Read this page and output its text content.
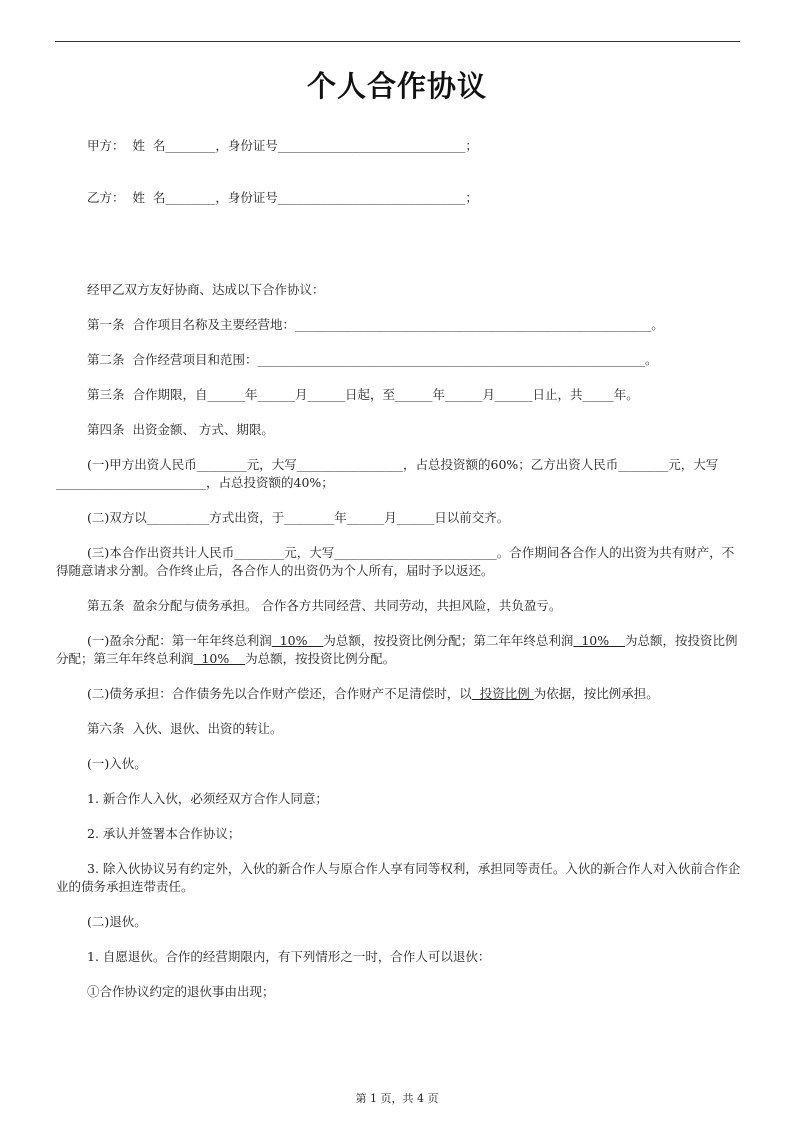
个人合作协议

甲方：  姓  名________，身份证号______________________________；

乙方：  姓  名________，身份证号______________________________；

经甲乙双方友好协商、达成以下合作协议：

第一条  合作项目名称及主要经营地：_________________________________________________________。

第二条  合作经营项目和范围：______________________________________________________________。

第三条  合作期限，自______年______月______日起，至______年______月______日止，共_____年。

第四条  出资金额、 方式、期限。

(一)甲方出资人民币________元，大写_________________，占总投资额的60%；乙方出资人民币________元，大写________________________，占总投资额的40%；

(二)双方以__________方式出资，于________年______月______日以前交齐。

(三)本合作出资共计人民币________元，大写__________________________。合作期间各合作人的出资为共有财产，不得随意请求分割。合作终止后，各合作人的出资仍为个人所有，届时予以返还。

第五条  盈余分配与债务承担。 合作各方共同经营、共同劳动，共担风险，共负盈亏。

(一)盈余分配：第一年年终总利润  10%    为总额，按投资比例分配；第二年年终总利润  10%    为总额，按投资比例分配；第三年年终总利润  10%    为总额，按投资比例分配。

(二)债务承担：合作债务先以合作财产偿还，合作财产不足清偿时，以  投资比例 为依据，按比例承担。

第六条  入伙、退伙、出资的转让。

(一)入伙。

1. 新合作人入伙，必须经双方合作人同意；

2. 承认并签署本合作协议；

3. 除入伙协议另有约定外，入伙的新合作人与原合作人享有同等权利，承担同等责任。入伙的新合作人对入伙前合作企业的债务承担连带责任。

(二)退伙。

1. 自愿退伙。合作的经营期限内，有下列情形之一时，合作人可以退伙：

①合作协议约定的退伙事由出现；

第 1 页，共 4 页
